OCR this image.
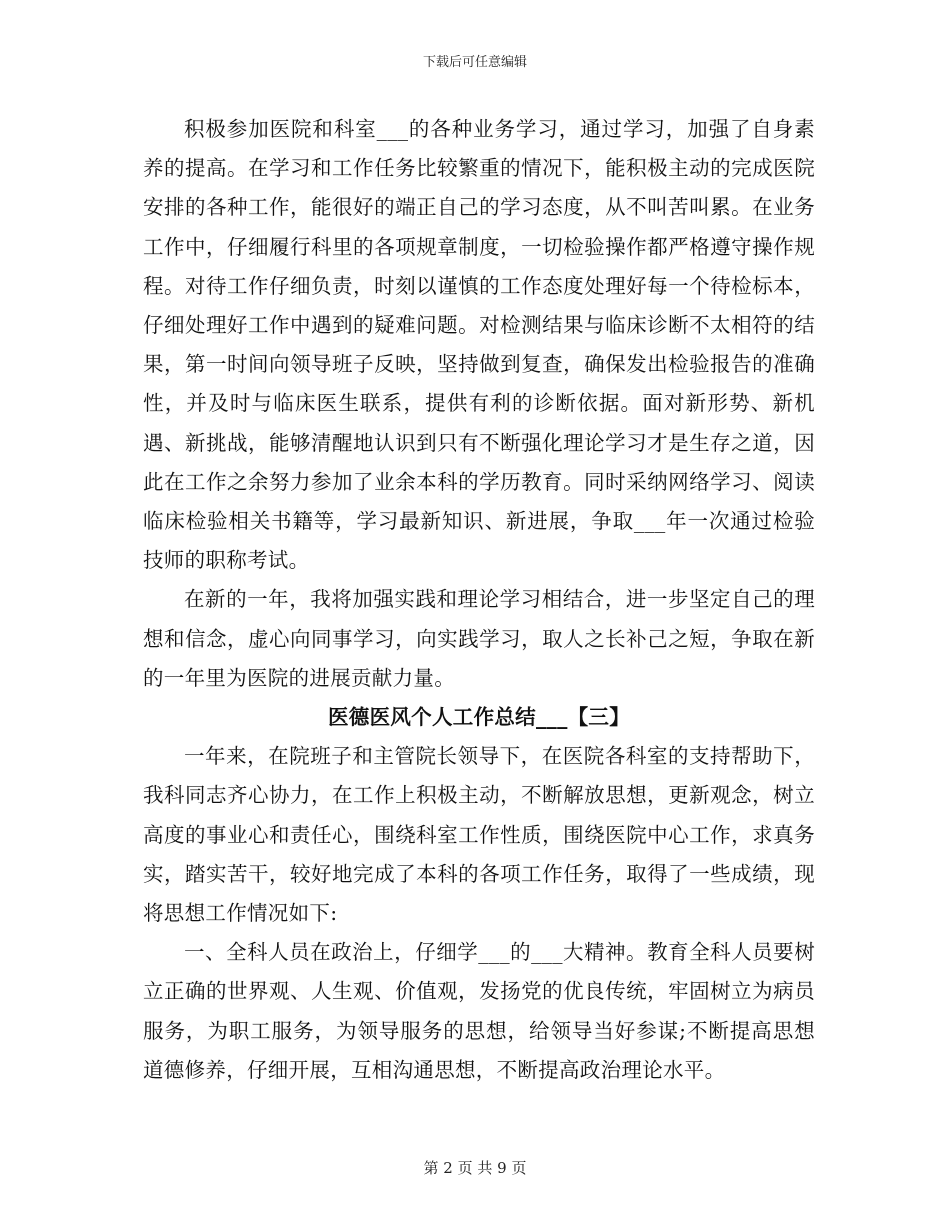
下载后可任意编辑

积极参加医院和科室___的各种业务学习，通过学习，加强了自身素养的提高。在学习和工作任务比较繁重的情况下，能积极主动的完成医院安排的各种工作，能很好的端正自己的学习态度，从不叫苦叫累。在业务工作中，仔细履行科里的各项规章制度，一切检验操作都严格遵守操作规程。对待工作仔细负责，时刻以谨慎的工作态度处理好每一个待检标本，仔细处理好工作中遇到的疑难问题。对检测结果与临床诊断不太相符的结果，第一时间向领导班子反映，坚持做到复查，确保发出检验报告的准确性，并及时与临床医生联系，提供有利的诊断依据。面对新形势、新机遇、新挑战，能够清醒地认识到只有不断强化理论学习才是生存之道，因此在工作之余努力参加了业余本科的学历教育。同时采纳网络学习、阅读临床检验相关书籍等，学习最新知识、新进展，争取___年一次通过检验技师的职称考试。

在新的一年，我将加强实践和理论学习相结合，进一步坚定自己的理想和信念，虚心向同事学习，向实践学习，取人之长补己之短，争取在新的一年里为医院的进展贡献力量。

医德医风个人工作总结___【三】

一年来，在院班子和主管院长领导下，在医院各科室的支持帮助下，我科同志齐心协力，在工作上积极主动，不断解放思想，更新观念，树立高度的事业心和责任心，围绕科室工作性质，围绕医院中心工作，求真务实，踏实苦干，较好地完成了本科的各项工作任务，取得了一些成绩，现将思想工作情况如下:

一、全科人员在政治上，仔细学___的___大精神。教育全科人员要树立正确的世界观、人生观、价值观，发扬党的优良传统，牢固树立为病员服务，为职工服务，为领导服务的思想，给领导当好参谋;不断提高思想道德修养，仔细开展，互相沟通思想，不断提高政治理论水平。

第 2 页 共 9 页
